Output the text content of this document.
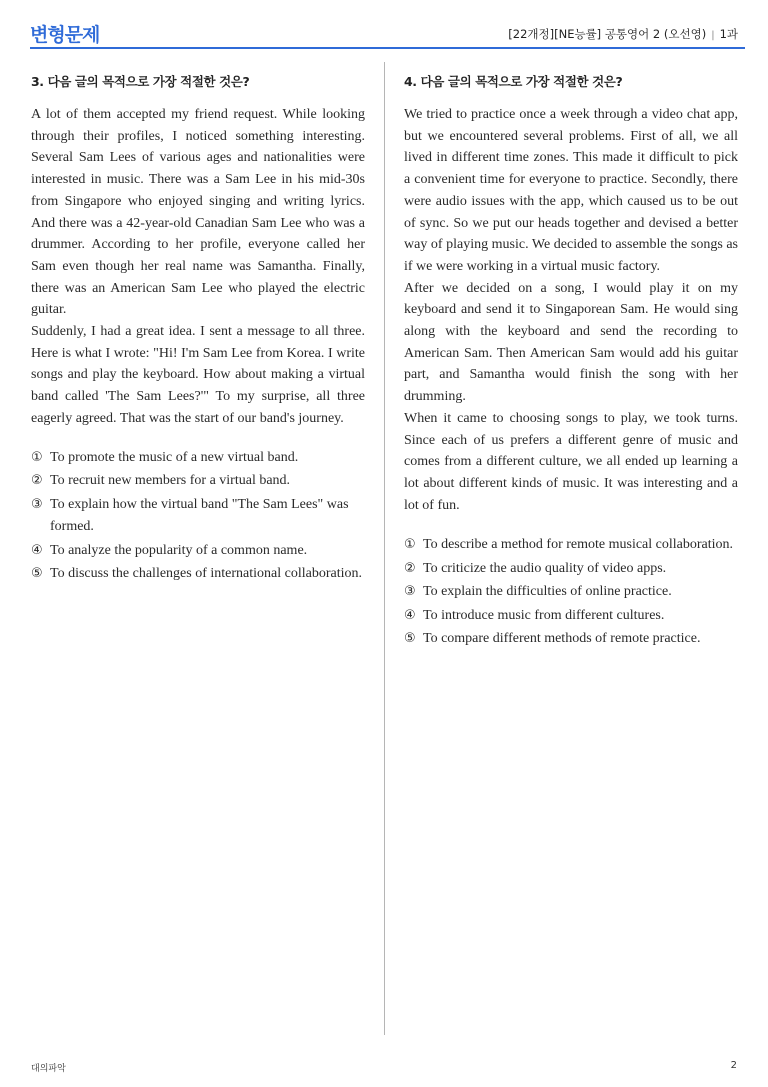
변형문제	[22개정][NE능률] 공통영어 2 (오선영) | 1과
3. 다음 글의 목적으로 가장 적절한 것은?

A lot of them accepted my friend request. While looking through their profiles, I noticed something interesting. Several Sam Lees of various ages and nationalities were interested in music. There was a Sam Lee in his mid-30s from Singapore who enjoyed singing and writing lyrics. And there was a 42-year-old Canadian Sam Lee who was a drummer. According to her profile, everyone called her Sam even though her real name was Samantha. Finally, there was an American Sam Lee who played the electric guitar.

Suddenly, I had a great idea. I sent a message to all three. Here is what I wrote: "Hi! I'm Sam Lee from Korea. I write songs and play the keyboard. How about making a virtual band called 'The Sam Lees?'" To my surprise, all three eagerly agreed. That was the start of our band's journey.

① To promote the music of a new virtual band.
② To recruit new members for a virtual band.
③ To explain how the virtual band "The Sam Lees" was formed.
④ To analyze the popularity of a common name.
⑤ To discuss the challenges of international collaboration.
4. 다음 글의 목적으로 가장 적절한 것은?

We tried to practice once a week through a video chat app, but we encountered several problems. First of all, we all lived in different time zones. This made it difficult to pick a convenient time for everyone to practice. Secondly, there were audio issues with the app, which caused us to be out of sync. So we put our heads together and devised a better way of playing music. We decided to assemble the songs as if we were working in a virtual music factory.

After we decided on a song, I would play it on my keyboard and send it to Singaporean Sam. He would sing along with the keyboard and send the recording to American Sam. Then American Sam would add his guitar part, and Samantha would finish the song with her drumming.

When it came to choosing songs to play, we took turns. Since each of us prefers a different genre of music and comes from a different culture, we all ended up learning a lot about different kinds of music. It was interesting and a lot of fun.

① To describe a method for remote musical collaboration.
② To criticize the audio quality of video apps.
③ To explain the difficulties of online practice.
④ To introduce music from different cultures.
⑤ To compare different methods of remote practice.
대의파악	2
